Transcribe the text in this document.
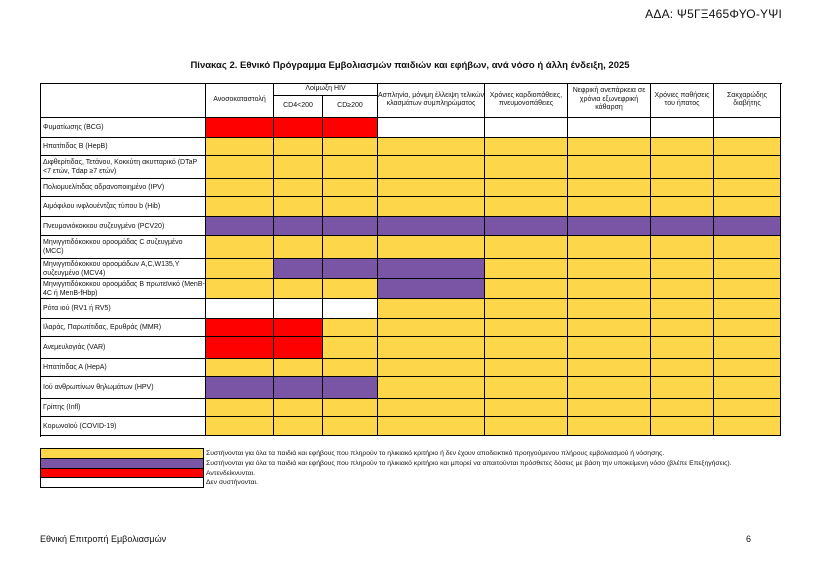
ΑΔΑ: Ψ5ΓΞ465ΦΥΟ-ΥΨΙ
Πίνακας 2. Εθνικό Πρόγραμμα Εμβολιασμών παιδιών και εφήβων, ανά νόσο ή άλλη ένδειξη, 2025
Ανοσοκαταστολή
Ασπληνία, μόνιμη έλλειψη τελικών κλασμάτων συμπληρώματος
Χρόνιες καρδιοπάθειες, πνευμονοπάθειες
Νεφρική ανεπάρκεια σε χρόνια εξωνεφρική κάθαρση
Χρόνιες παθήσεις του ήπατος
Σακχαρώδης διαβήτης
Λοίμωξη HIV
CD4<200	CD≥200
Φυματίωσης (BCG)
Ηπατίτιδας Β (HepB)
Διφθερίτιδας, Τετάνου, Κοκκύτη ακυτταρικό (DTaP <7 ετών, Tdap ≥7 ετών)
Πολιομυελίτιδας αδρανοποιημένο (IPV)
Αιμόφιλου ινφλουέντζας τύπου b (Hib)
Πνευμονιόκοκκου συζευγμένο (PCV20)
Μηνιγγιτιδόκοκκου οροομάδας C συζευγμένο (MCC)
Μηνιγγιτιδόκοκκου οροομάδων A,C,W135,Y συζευγμένο (MCV4)
Μηνιγγιτιδόκοκκου οροομάδας B πρωτεϊνικό (MenB-4C ή MenB-fHbp)
Ρότα ιού (RV1 ή RV5)
Ιλαράς, Παρωτίτιδας, Ερυθράς (MMR)
Ανεμευλογιάς (VAR)
Ηπατίτιδας Α (HepA)
Ιού ανθρωπίνων θηλωμάτων (HPV)
Γρίπης (Infl)
Κορωνοϊού (COVID-19)
Συστήνονται για όλα τα παιδιά και εφήβους που πληρούν το ηλικιακό κριτήριο ή δεν έχουν αποδεικτικό προηγούμενου πλήρους εμβολιασμού ή νόσησης.
Συστήνονται για όλα τα παιδιά και εφήβους που πληρούν το ηλικιακό κριτήριο και μπορεί να απαιτούνται πρόσθετες δόσεις με βάση την υποκείμενη νόσο (βλέπε Επεξηγήσεις).
Αντενδείκνυνται.
Δεν συστήνονται.
Εθνική Επιτροπή Εμβολιασμών	6
